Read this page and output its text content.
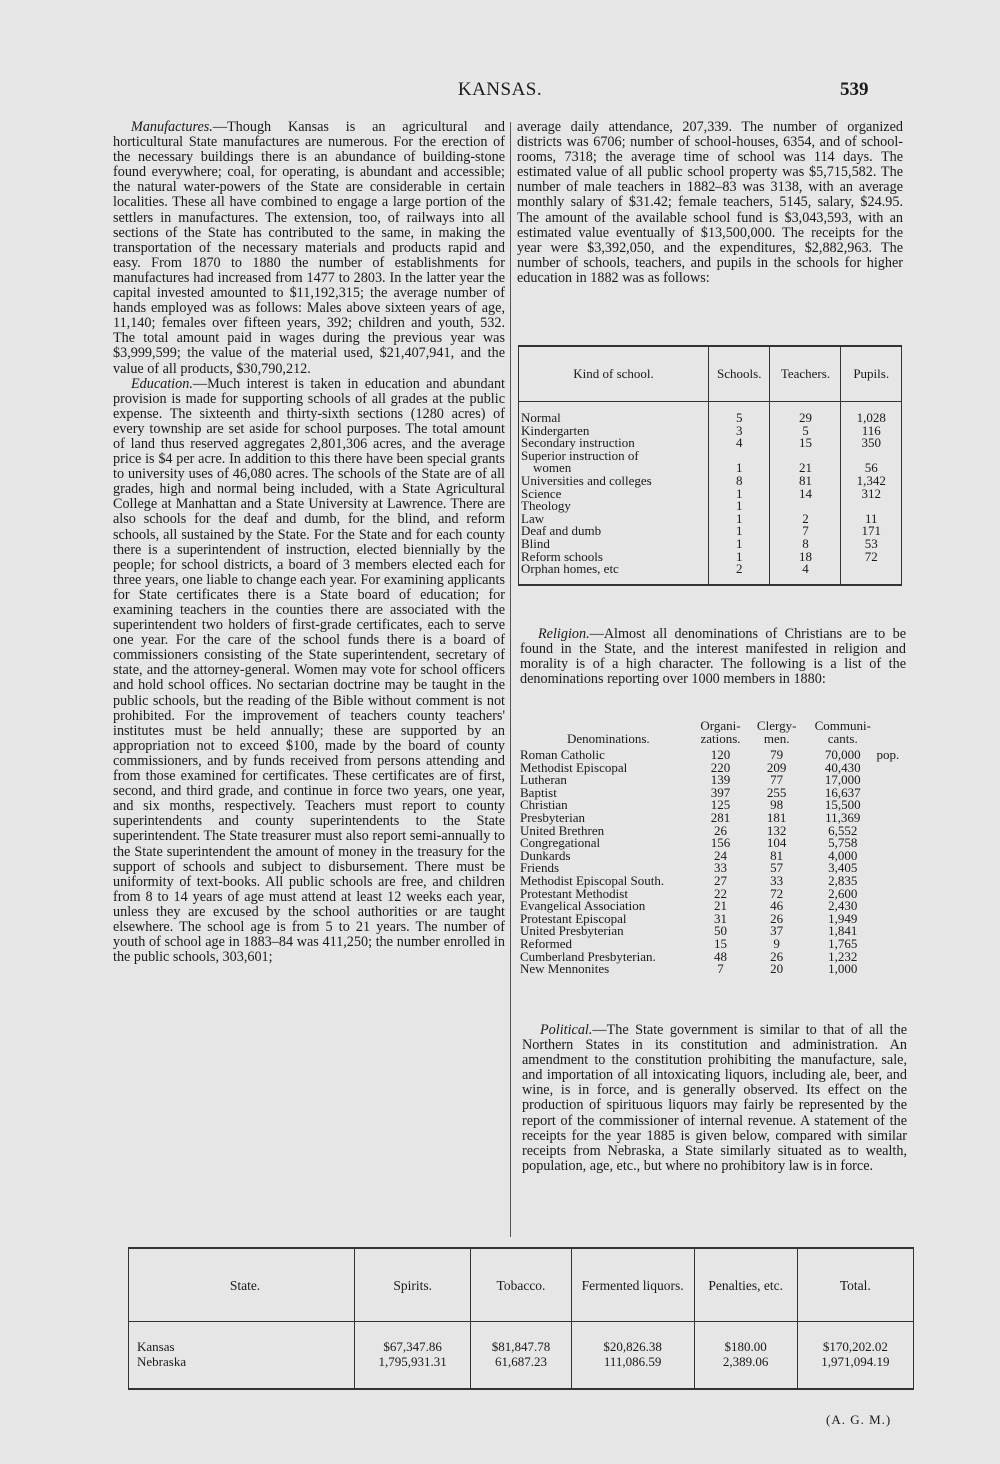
KANSAS.	539

Manufactures.—Though Kansas is an agricultural and horticultural State manufactures are numerous. For the erection of the necessary buildings there is an abundance of building-stone found everywhere; coal, for operating, is abundant and accessible; the natural water-powers of the State are considerable in certain localities. These all have combined to engage a large portion of the settlers in manufactures. The extension, too, of railways into all sections of the State has contributed to the same, in making the transportation of the necessary materials and products rapid and easy. From 1870 to 1880 the number of establishments for manufactures had increased from 1477 to 2803. In the latter year the capital invested amounted to $11,192,315; the average number of hands employed was as follows: Males above sixteen years of age, 11,140; females over fifteen years, 392; children and youth, 532. The total amount paid in wages during the previous year was $3,999,599; the value of the material used, $21,407,941, and the value of all products, $30,790,212.

Education.—Much interest is taken in education and abundant provision is made for supporting schools of all grades at the public expense. The sixteenth and thirty-sixth sections (1280 acres) of every township are set aside for school purposes. The total amount of land thus reserved aggregates 2,801,306 acres, and the average price is $4 per acre. In addition to this there have been special grants to university uses of 46,080 acres. The schools of the State are of all grades, high and normal being included, with a State Agricultural College at Manhattan and a State University at Lawrence. There are also schools for the deaf and dumb, for the blind, and reform schools, all sustained by the State. For the State and for each county there is a superintendent of instruction, elected biennially by the people; for school districts, a board of 3 members elected each for three years, one liable to change each year. For examining applicants for State certificates there is a State board of education; for examining teachers in the counties there are associated with the superintendent two holders of first-grade certificates, each to serve one year. For the care of the school funds there is a board of commissioners consisting of the State superintendent, secretary of state, and the attorney-general. Women may vote for school officers and hold school offices. No sectarian doctrine may be taught in the public schools, but the reading of the Bible without comment is not prohibited. For the improvement of teachers county teachers' institutes must be held annually; these are supported by an appropriation not to exceed $100, made by the board of county commissioners, and by funds received from persons attending and from those examined for certificates. These certificates are of first, second, and third grade, and continue in force two years, one year, and six months, respectively. Teachers must report to county superintendents and county superintendents to the State superintendent. The State treasurer must also report semi-annually to the State superintendent the amount of money in the treasury for the support of schools and subject to disbursement. There must be uniformity of text-books. All public schools are free, and children from 8 to 14 years of age must attend at least 12 weeks each year, unless they are excused by the school authorities or are taught elsewhere. The school age is from 5 to 21 years. The number of youth of school age in 1883–84 was 411,250; the number enrolled in the public schools, 303,601;

average daily attendance, 207,339. The number of organized districts was 6706; number of school-houses, 6354, and of school-rooms, 7318; the average time of school was 114 days. The estimated value of all public school property was $5,715,582. The number of male teachers in 1882–83 was 3138, with an average monthly salary of $31.42; female teachers, 5145, salary, $24.95. The amount of the available school fund is $3,043,593, with an estimated value eventually of $13,500,000. The receipts for the year were $3,392,050, and the expenditures, $2,882,963. The number of schools, teachers, and pupils in the schools for higher education in 1882 was as follows:

Kind of school.	Schools.	Teachers.	Pupils.
Normal	5	29	1,028
Kindergarten	3	5	116
Secondary instruction	4	15	350
Superior instruction of			
women	1	21	56
Universities and colleges	8	81	1,342
Science	1	14	312
Theology	1		
Law	1	2	11
Deaf and dumb	1	7	171
Blind	1	8	53
Reform schools	1	18	72
Orphan homes, etc	2	4	

Religion.—Almost all denominations of Christians are to be found in the State, and the interest manifested in religion and morality is of a high character. The following is a list of the denominations reporting over 1000 members in 1880:

Denominations.	Organi- zations.	Clergy- men.	Communi- cants.	
Roman Catholic	120	79	70,000	pop.
Methodist Episcopal	220	209	40,430	
Lutheran	139	77	17,000	
Baptist	397	255	16,637	
Christian	125	98	15,500	
Presbyterian	281	181	11,369	
United Brethren	26	132	6,552	
Congregational	156	104	5,758	
Dunkards	24	81	4,000	
Friends	33	57	3,405	
Methodist Episcopal South.	27	33	2,835	
Protestant Methodist	22	72	2,600	
Evangelical Association	21	46	2,430	
Protestant Episcopal	31	26	1,949	
United Presbyterian	50	37	1,841	
Reformed	15	9	1,765	
Cumberland Presbyterian.	48	26	1,232	
New Mennonites	7	20	1,000	

Political.—The State government is similar to that of all the Northern States in its constitution and administration. An amendment to the constitution prohibiting the manufacture, sale, and importation of all intoxicating liquors, including ale, beer, and wine, is in force, and is generally observed. Its effect on the production of spirituous liquors may fairly be represented by the report of the commissioner of internal revenue. A statement of the receipts for the year 1885 is given below, compared with similar receipts from Nebraska, a State similarly situated as to wealth, population, age, etc., but where no prohibitory law is in force.

State.	Spirits.	Tobacco.	Fermented liquors.	Penalties, etc.	Total.
Kansas	$67,347.86	$81,847.78	$20,826.38	$180.00	$170,202.02
Nebraska	1,795,931.31	61,687.23	111,086.59	2,389.06	1,971,094.19
(A. G. M.)
